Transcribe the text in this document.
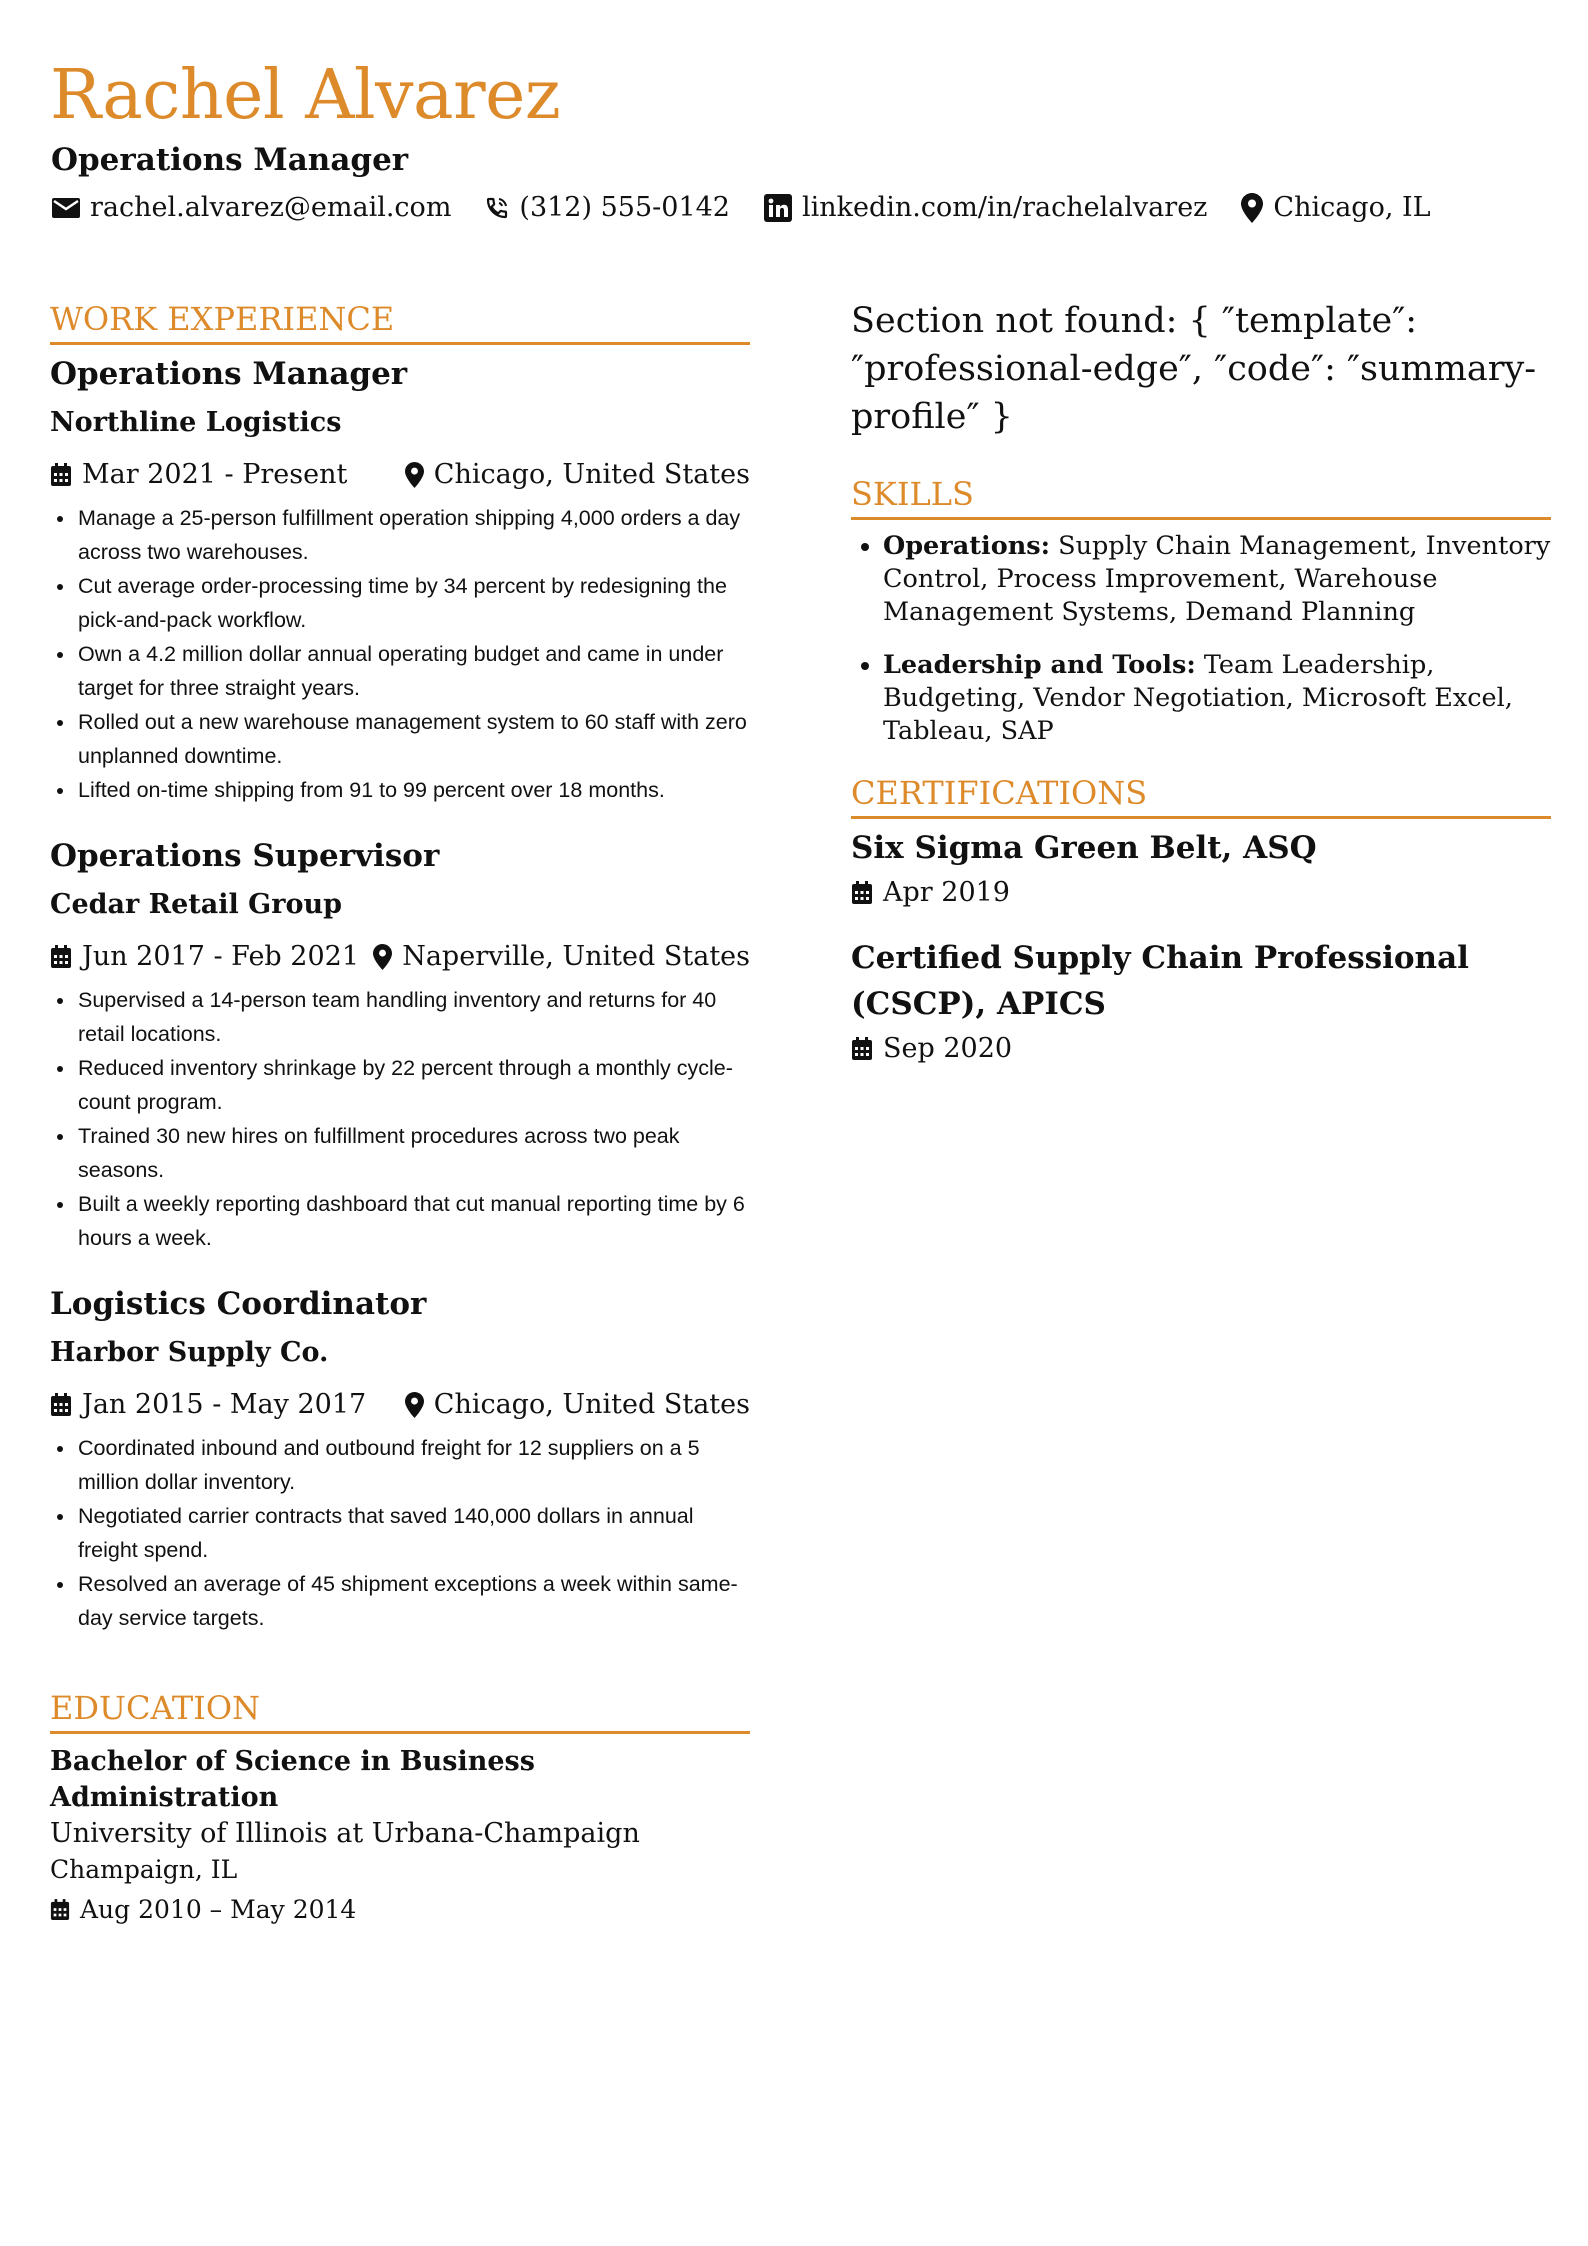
Rachel Alvarez
Operations Manager
rachel.alvarez@email.com	(312) 555-0142	linkedin.com/in/rachelalvarez Chicago, IL
WORK EXPERIENCE
Operations Manager
Northline Logistics
Mar 2021 - Present	Chicago, United States
• Manage a 25-person fulfillment operation shipping 4,000 orders a day across two warehouses.
• Cut average order-processing time by 34 percent by redesigning the pick-and-pack workflow.
• Own a 4.2 million dollar annual operating budget and came in under target for three straight years.
• Rolled out a new warehouse management system to 60 staff with zero unplanned downtime.
• Lifted on-time shipping from 91 to 99 percent over 18 months.
Operations Supervisor
Cedar Retail Group
Jun 2017 - Feb 2021 Naperville, United States
• Supervised a 14-person team handling inventory and returns for 40 retail locations.
• Reduced inventory shrinkage by 22 percent through a monthly cycle-count program.
• Trained 30 new hires on fulfillment procedures across two peak seasons.
• Built a weekly reporting dashboard that cut manual reporting time by 6 hours a week.
Logistics Coordinator
Harbor Supply Co.
Jan 2015 - May 2017	Chicago, United States
• Coordinated inbound and outbound freight for 12 suppliers on a 5 million dollar inventory.
• Negotiated carrier contracts that saved 140,000 dollars in annual freight spend.
• Resolved an average of 45 shipment exceptions a week within same-day service targets.
EDUCATION
Bachelor of Science in Business Administration
University of Illinois at Urbana-Champaign
Champaign, IL
Aug 2010 – May 2014

Section not found: { ″template″: ″professional-edge″, ″code″: ″summary-profile″ }

SKILLS
• Operations: Supply Chain Management, Inventory Control, Process Improvement, Warehouse Management Systems, Demand Planning
• Leadership and Tools: Team Leadership, Budgeting, Vendor Negotiation, Microsoft Excel, Tableau, SAP
CERTIFICATIONS
Six Sigma Green Belt, ASQ
Apr 2019
Certified Supply Chain Professional (CSCP), APICS
Sep 2020
